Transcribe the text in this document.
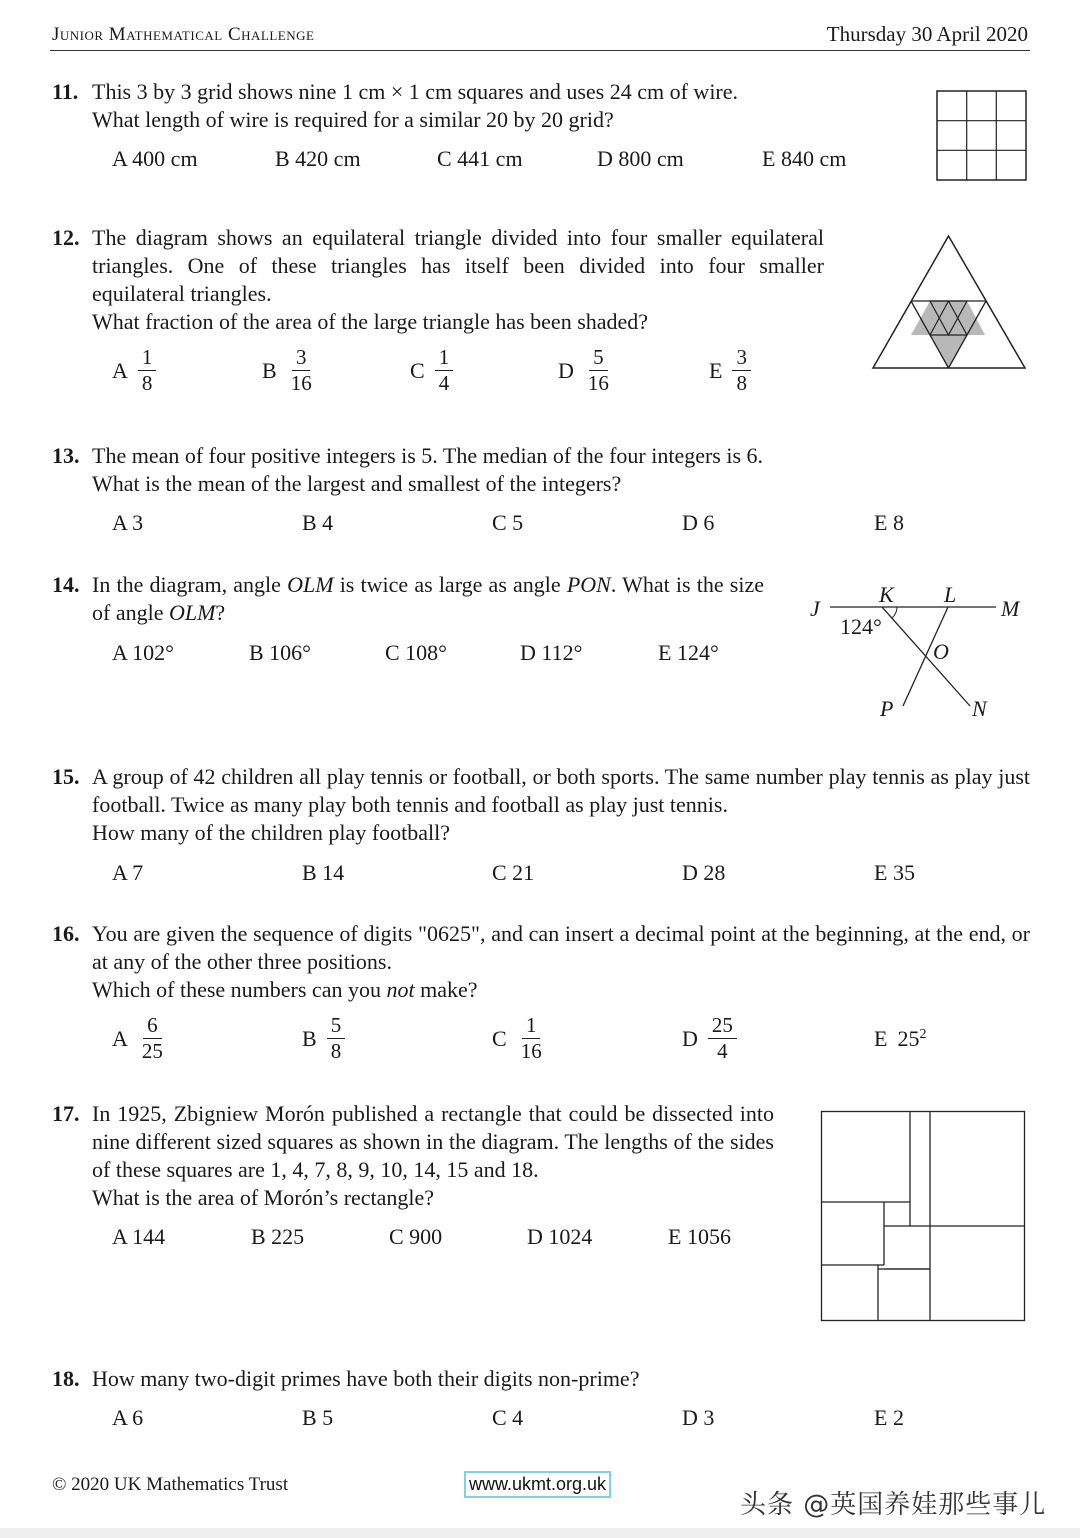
Junior Mathematical Challenge	Thursday 30 April 2020
11. This 3 by 3 grid shows nine 1 cm × 1 cm squares and uses 24 cm of wire.
What length of wire is required for a similar 20 by 20 grid?
A 400 cm	B 420 cm	C 441 cm	D 800 cm	E 840 cm
12. The diagram shows an equilateral triangle divided into four smaller equilateral triangles. One of these triangles has itself been divided into four smaller equilateral triangles.
What fraction of the area of the large triangle has been shaded?
A $\frac{1}{8}$	B $\frac{3}{16}$	C $\frac{1}{4}$	D $\frac{5}{16}$	E $\frac{3}{8}$
13. The mean of four positive integers is 5. The median of the four integers is 6.
What is the mean of the largest and smallest of the integers?
A 3	B 4	C 5	D 6	E 8
14. In the diagram, angle OLM is twice as large as angle PON. What is the size of angle OLM?
A 102°	B 106°	C 108°	D 112°	E 124°
J
K L
M
O
P	N
124°
15. A group of 42 children all play tennis or football, or both sports. The same number play tennis as play just football. Twice as many play both tennis and football as play just tennis.
How many of the children play football?
A 7	B 14	C 21	D 28	E 35
16. You are given the sequence of digits "0625", and can insert a decimal point at the beginning, at the end, or at any of the other three positions.
Which of these numbers can you not make?
A $\frac{6}{25}$	B $\frac{5}{8}$	C $\frac{1}{16}$	D $\frac{25}{4}$	E $25^2$
17. In 1925, Zbigniew Morón published a rectangle that could be dissected into nine different sized squares as shown in the diagram. The lengths of the sides of these squares are 1, 4, 7, 8, 9, 10, 14, 15 and 18.
What is the area of Morón’s rectangle?
A 144	B 225	C 900	D 1024	E 1056
18. How many two-digit primes have both their digits non-prime?
A 6	B 5	C 4	D 3	E 2
© 2020 UK Mathematics Trust	www.ukmt.org.uk
头条 @英国养娃那些事儿
